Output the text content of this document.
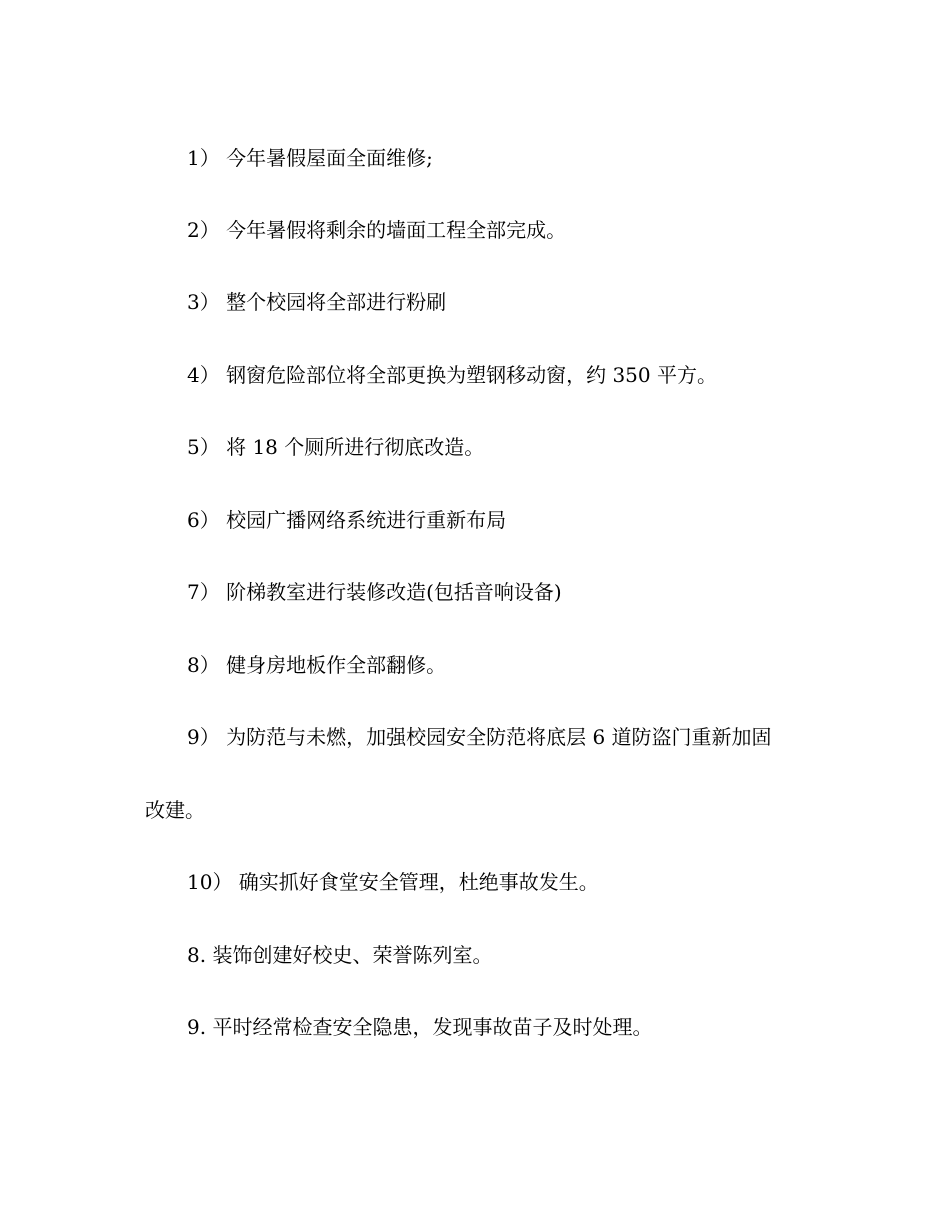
1） 今年暑假屋面全面维修;
2） 今年暑假将剩余的墙面工程全部完成。
3） 整个校园将全部进行粉刷
4） 钢窗危险部位将全部更换为塑钢移动窗，约 350 平方。
5） 将 18 个厕所进行彻底改造。
6） 校园广播网络系统进行重新布局
7） 阶梯教室进行装修改造(包括音响设备)
8） 健身房地板作全部翻修。
9） 为防范与未燃，加强校园安全防范将底层 6 道防盗门重新加固
改建。
10） 确实抓好食堂安全管理，杜绝事故发生。
8. 装饰创建好校史、荣誉陈列室。
9. 平时经常检查安全隐患，发现事故苗子及时处理。
